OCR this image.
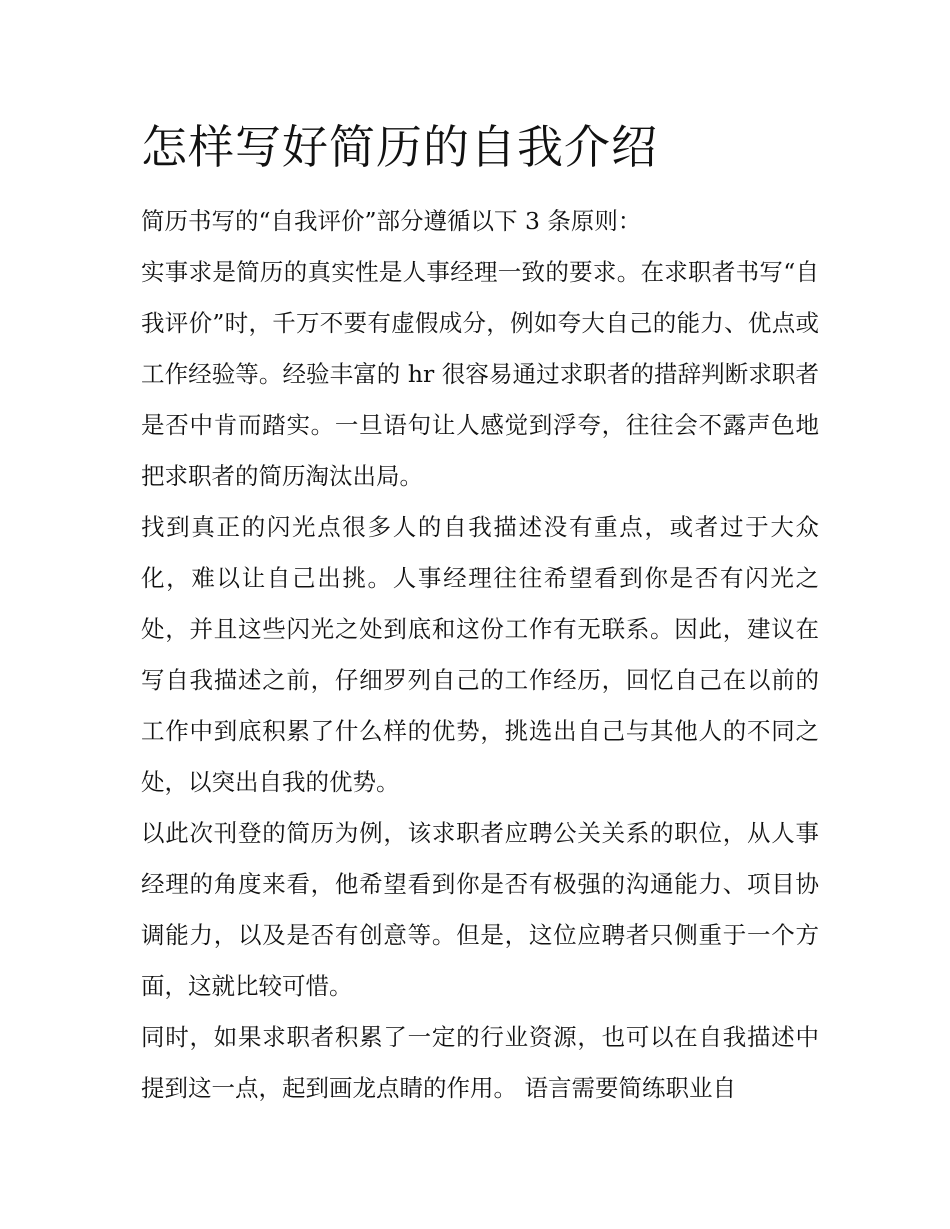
怎样写好简历的自我介绍

简历书写的“自我评价”部分遵循以下 3 条原则：

实事求是简历的真实性是人事经理一致的要求。在求职者书写“自我评价”时，千万不要有虚假成分，例如夸大自己的能力、优点或工作经验等。经验丰富的 hr 很容易通过求职者的措辞判断求职者是否中肯而踏实。一旦语句让人感觉到浮夸，往往会不露声色地把求职者的简历淘汰出局。

找到真正的闪光点很多人的自我描述没有重点，或者过于大众化，难以让自己出挑。人事经理往往希望看到你是否有闪光之处，并且这些闪光之处到底和这份工作有无联系。因此，建议在写自我描述之前，仔细罗列自己的工作经历，回忆自己在以前的工作中到底积累了什么样的优势，挑选出自己与其他人的不同之处，以突出自我的优势。

以此次刊登的简历为例，该求职者应聘公关关系的职位，从人事经理的角度来看，他希望看到你是否有极强的沟通能力、项目协调能力，以及是否有创意等。但是，这位应聘者只侧重于一个方面，这就比较可惜。

同时，如果求职者积累了一定的行业资源，也可以在自我描述中提到这一点，起到画龙点睛的作用。 语言需要简练职业自
